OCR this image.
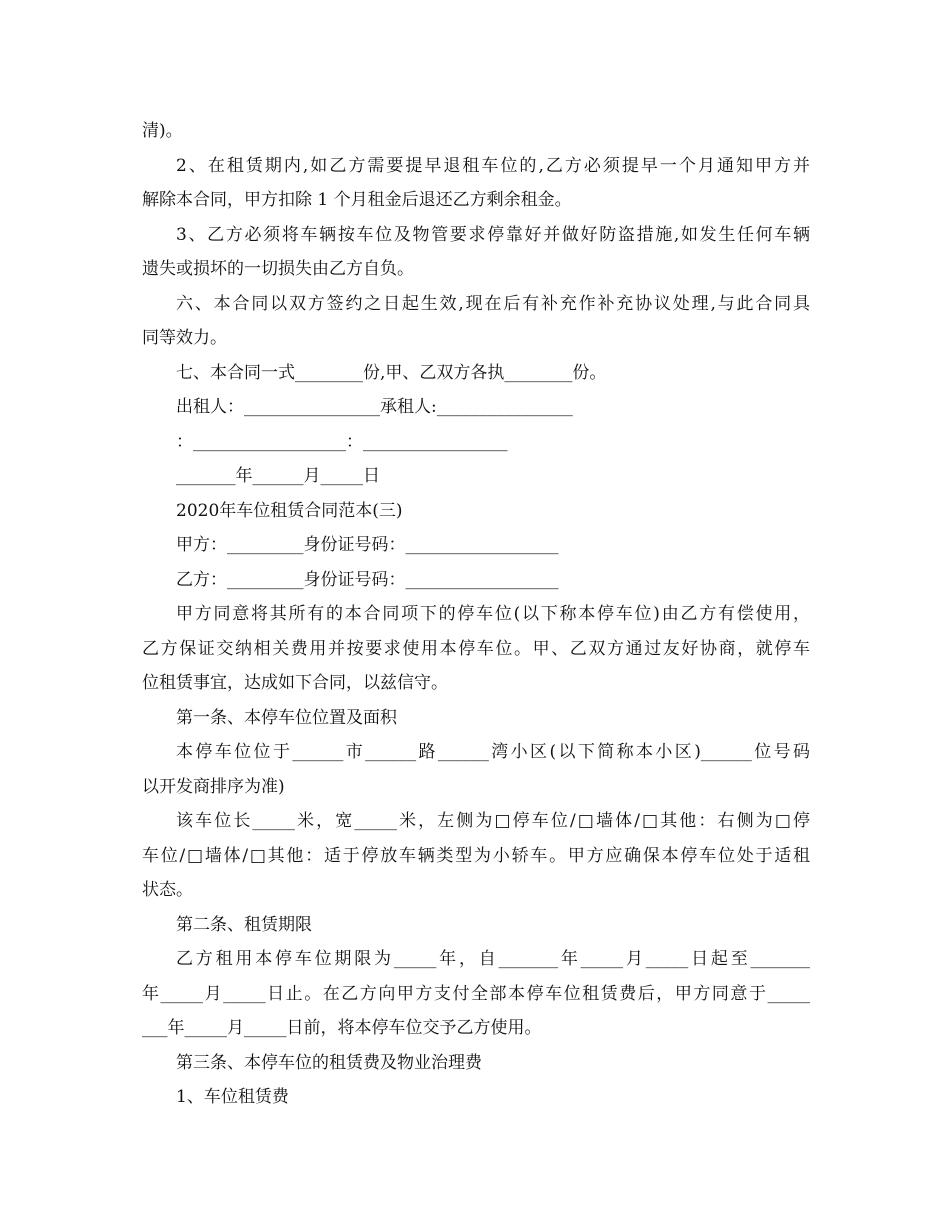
清)。
2、在租赁期内,如乙方需要提早退租车位的,乙方必须提早一个月通知甲方并
解除本合同，甲方扣除 1 个月租金后退还乙方剩余租金。
3、乙方必须将车辆按车位及物管要求停靠好并做好防盗措施,如发生任何车辆
遗失或损坏的一切损失由乙方自负。
六、本合同以双方签约之日起生效,现在后有补充作补充协议处理,与此合同具
同等效力。
七、本合同一式________份,甲、乙双方各执________份。
出租人：________________承租人:________________
：__________________：_________________
_______年______月_____日
2020年车位租赁合同范本(三)
甲方：_________身份证号码：__________________
乙方：_________身份证号码：__________________
甲方同意将其所有的本合同项下的停车位(以下称本停车位)由乙方有偿使用，
乙方保证交纳相关费用并按要求使用本停车位。甲、乙双方通过友好协商，就停车
位租赁事宜，达成如下合同，以兹信守。
第一条、本停车位位置及面积
本停车位位于______市______路______湾小区(以下简称本小区)______位号码
以开发商排序为准)
该车位长_____米，宽_____米，左侧为□停车位/□墙体/□其他：右侧为□停
车位/□墙体/□其他：适于停放车辆类型为小轿车。甲方应确保本停车位处于适租
状态。
第二条、租赁期限
乙方租用本停车位期限为_____年，自_______年_____月_____日起至_______
年_____月_____日止。在乙方向甲方支付全部本停车位租赁费后，甲方同意于_____
___年_____月_____日前，将本停车位交予乙方使用。
第三条、本停车位的租赁费及物业治理费
1、车位租赁费
